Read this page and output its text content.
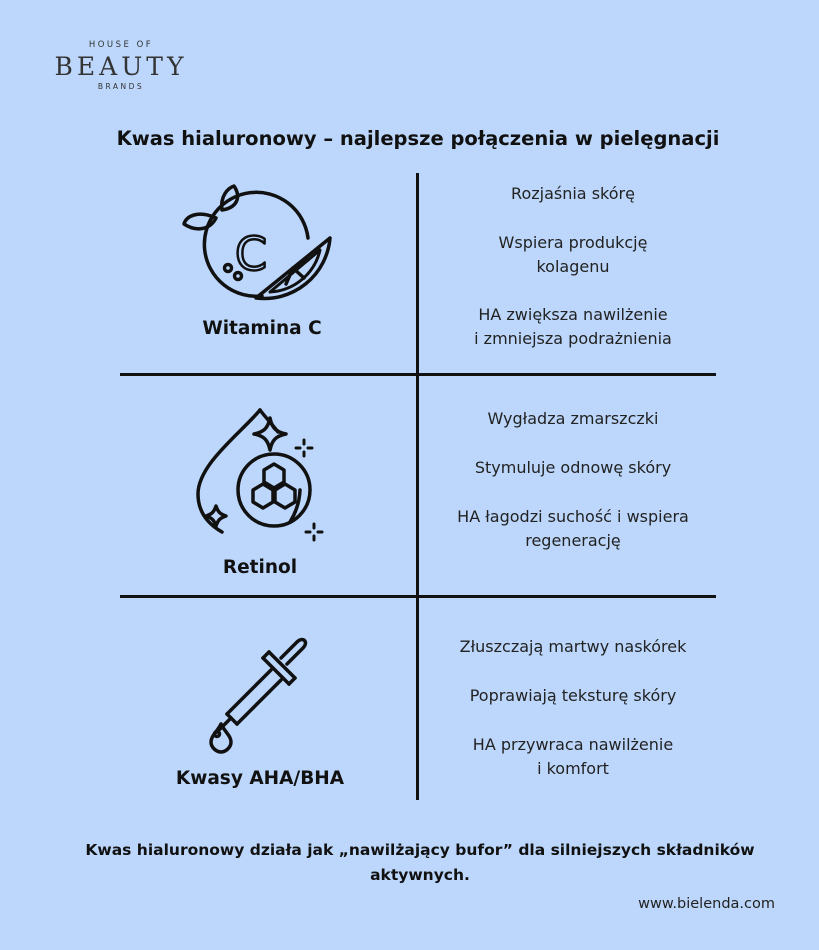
HOUSE OF
BEAUTY
BRANDS
Kwas hialuronowy – najlepsze połączenia w pielęgnacji
C
Witamina C
Rozjaśnia skórę
Wspiera produkcję
kolagenu
HA zwiększa nawilżenie
i zmniejsza podrażnienia
Retinol
Wygładza zmarszczki
Stymuluje odnowę skóry
HA łagodzi suchość i wspiera
regenerację
Kwasy AHA/BHA
Złuszczają martwy naskórek
Poprawiają teksturę skóry
HA przywraca nawilżenie
i komfort
Kwas hialuronowy działa jak „nawilżający bufor” dla silniejszych składników aktywnych.
www.bielenda.com
